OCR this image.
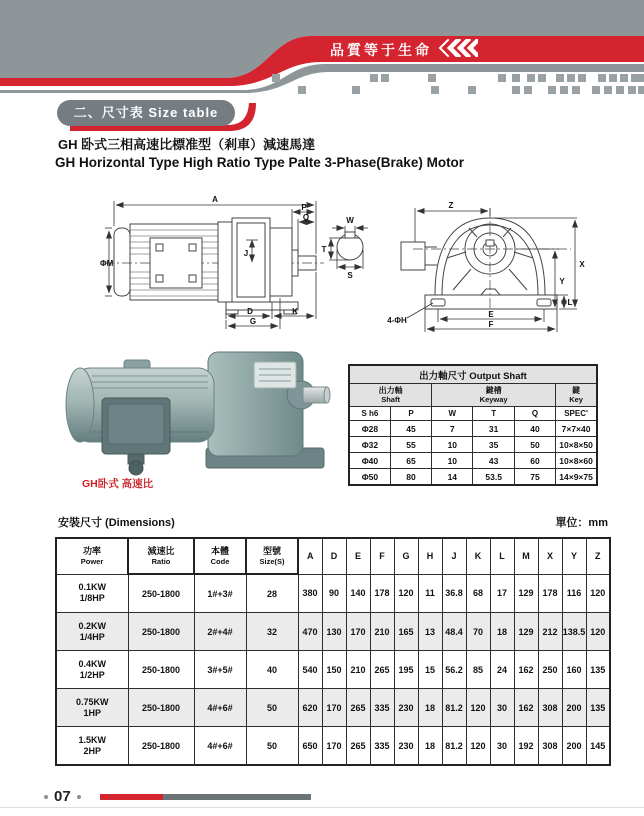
品質等于生命
二、尺寸表 Size table
GH 卧式三相高速比標准型（剎車）減速馬達
GH Horizontal Type High Ratio Type Palte 3-Phase(Brake) Motor
A
ΦM
P
Q
J
D	K
G
W
T
S
Z
X
Y
L
E
F
4-ΦH
GH卧式 高速比
出力軸尺寸 Output Shaft					

出力軸
Shaft		鍵槽
Keyway			鍵
Key

S h6	P	W	T	Q	SPEC'
Φ28	45	7	31	40	7×7×40
Φ32	55	10	35	50	10×8×50
Φ40	65	10	43	60	10×8×60
Φ50	80	14	53.5	75	14×9×75
安裝尺寸 (Dimensions)	單位：mm
功率
Power	減速比
Ratio	本體
Code	型號
Size(S)	A	D	E	F	G	H	J	K	L	M	X	Y	Z

0.1KW
1/8HP	250-1800	1#+3#	28	380	90	140	178	120	11	36.8	68	17	129	178	116	120

0.2KW
1/4HP	250-1800	2#+4#	32	470	130	170	210	165	13	48.4	70	18	129	212	138.5	120

0.4KW
1/2HP	250-1800	3#+5#	40	540	150	210	265	195	15	56.2	85	24	162	250	160	135

0.75KW
1HP	250-1800	4#+6#	50	620	170	265	335	230	18	81.2	120	30	162	308	200	135

1.5KW
2HP	250-1800	4#+6#	50	650	170	265	335	230	18	81.2	120	30	192	308	200	145
07
